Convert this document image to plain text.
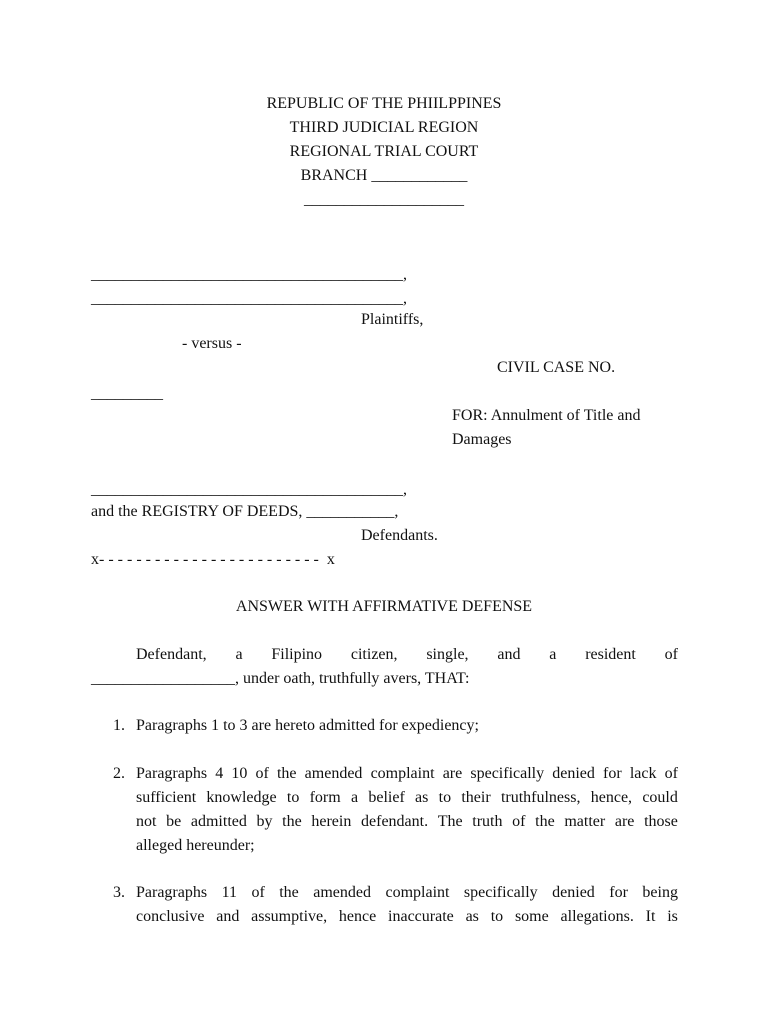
REPUBLIC OF THE PHIILPPINES
THIRD JUDICIAL REGION
REGIONAL TRIAL COURT
BRANCH ____________
____________________
_______________________________________,
_______________________________________,
Plaintiffs,
- versus -
CIVIL CASE NO.
_________
FOR: Annulment of Title and
Damages
_______________________________________,
and the REGISTRY OF DEEDS, ___________,
Defendants.
x- - - - - - - - - - - - - - - - - - - - - - - -  x
ANSWER WITH AFFIRMATIVE DEFENSE
Defendant, a Filipino citizen, single, and a resident of
__________________, under oath, truthfully avers, THAT:
1. Paragraphs 1 to 3 are hereto admitted for expediency;
2. Paragraphs 4 10 of the amended complaint are specifically denied for lack of
sufficient knowledge to form a belief as to their truthfulness, hence, could
not be admitted by the herein defendant. The truth of the matter are those
alleged hereunder;
3. Paragraphs 11 of the amended complaint specifically denied for being
conclusive and assumptive, hence inaccurate as to some allegations. It is
